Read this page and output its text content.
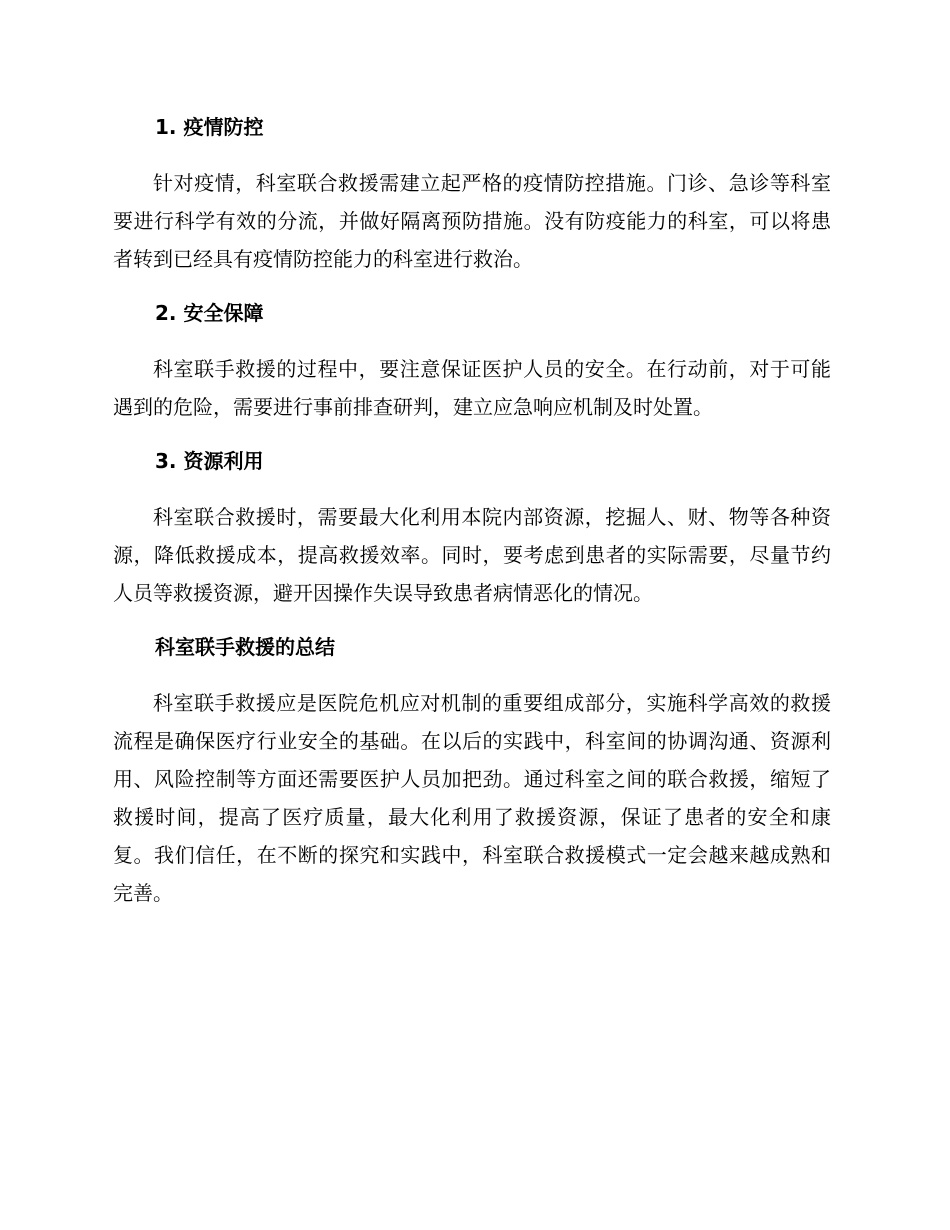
1. 疫情防控

针对疫情，科室联合救援需建立起严格的疫情防控措施。门诊、急诊等科室要进行科学有效的分流，并做好隔离预防措施。没有防疫能力的科室，可以将患者转到已经具有疫情防控能力的科室进行救治。

2. 安全保障

科室联手救援的过程中，要注意保证医护人员的安全。在行动前，对于可能遇到的危险，需要进行事前排查研判，建立应急响应机制及时处置。

3. 资源利用

科室联合救援时，需要最大化利用本院内部资源，挖掘人、财、物等各种资源，降低救援成本，提高救援效率。同时，要考虑到患者的实际需要，尽量节约人员等救援资源，避开因操作失误导致患者病情恶化的情况。

科室联手救援的总结

科室联手救援应是医院危机应对机制的重要组成部分，实施科学高效的救援流程是确保医疗行业安全的基础。在以后的实践中，科室间的协调沟通、资源利用、风险控制等方面还需要医护人员加把劲。通过科室之间的联合救援，缩短了救援时间，提高了医疗质量，最大化利用了救援资源，保证了患者的安全和康复。我们信任，在不断的探究和实践中，科室联合救援模式一定会越来越成熟和完善。
